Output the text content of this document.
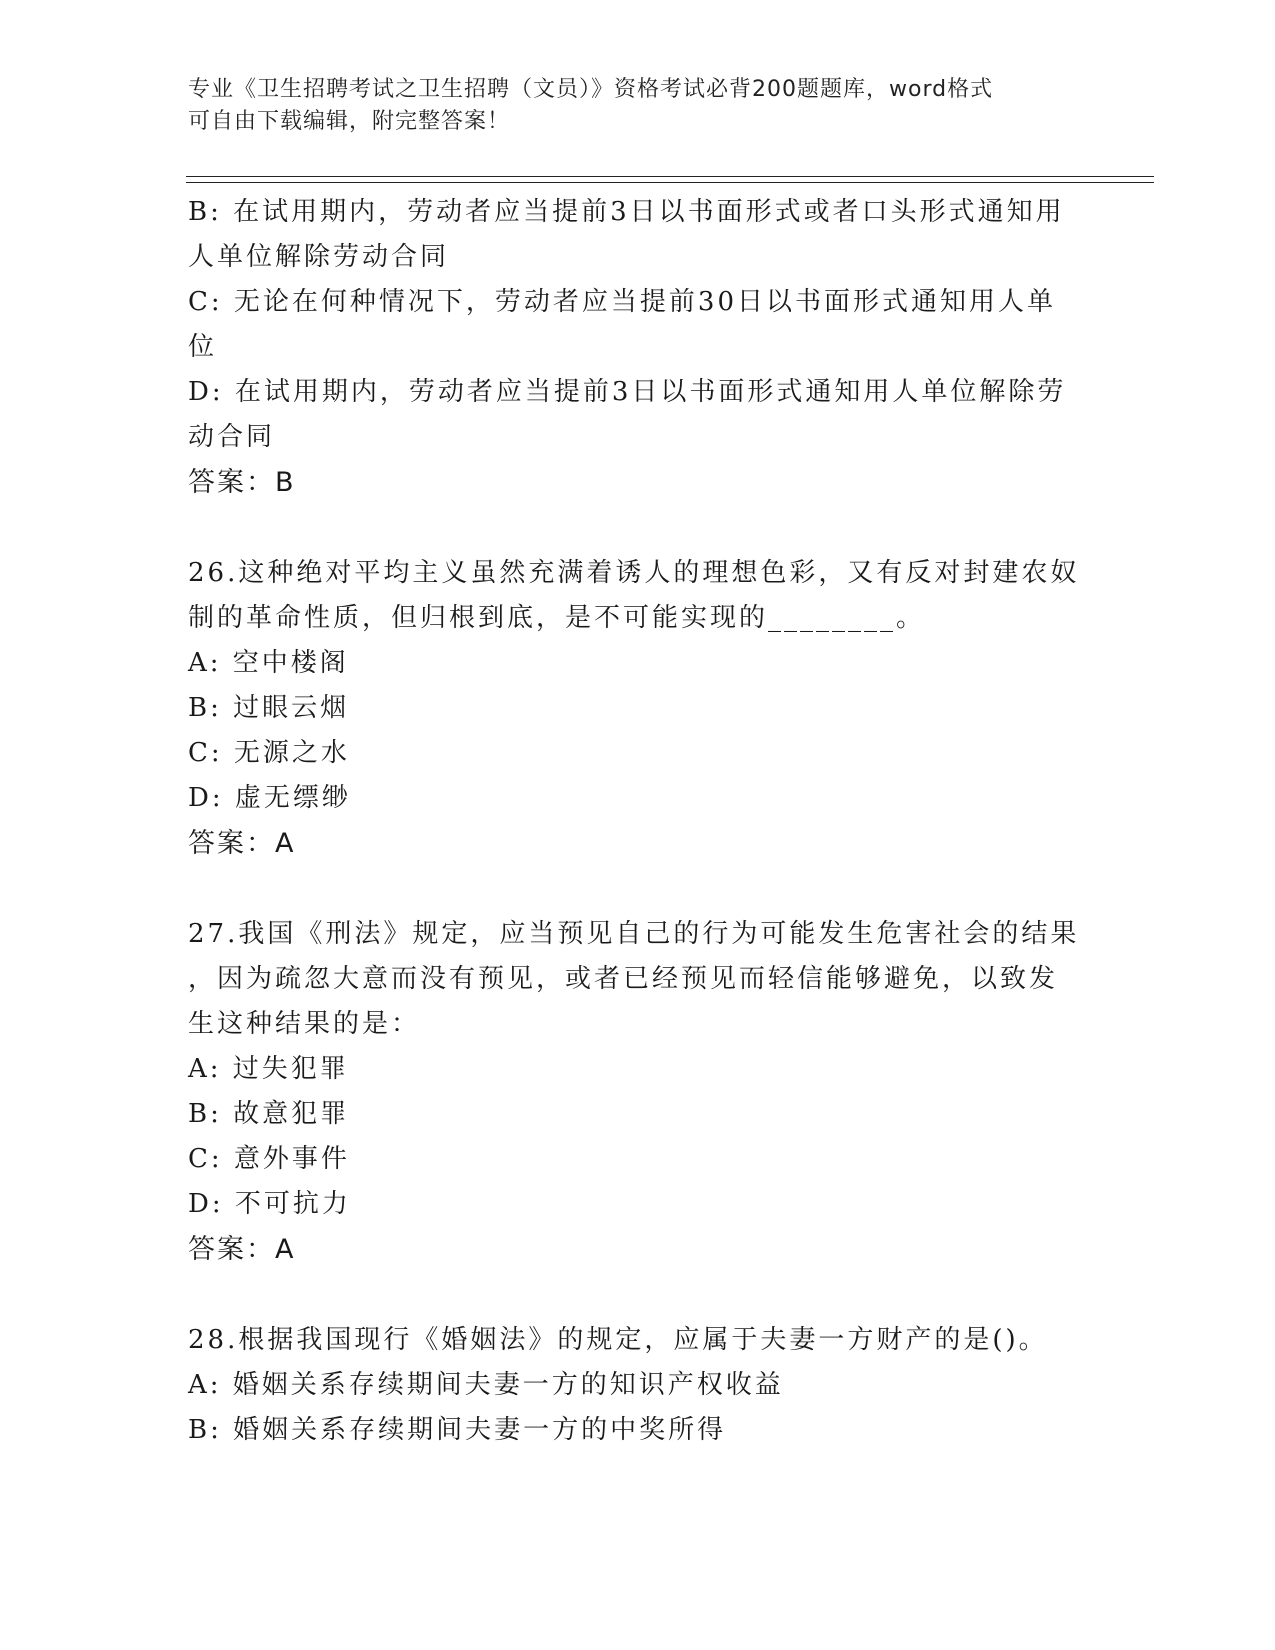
专业《卫生招聘考试之卫生招聘（文员）》资格考试必背200题题库，word格式
可自由下载编辑，附完整答案！

B: 在试用期内，劳动者应当提前3日以书面形式或者口头形式通知用

人单位解除劳动合同

C: 无论在何种情况下，劳动者应当提前30日以书面形式通知用人单

位

D: 在试用期内，劳动者应当提前3日以书面形式通知用人单位解除劳

动合同

答案：B

26.这种绝对平均主义虽然充满着诱人的理想色彩，又有反对封建农奴

制的革命性质，但归根到底，是不可能实现的________。

A: 空中楼阁

B: 过眼云烟

C: 无源之水

D: 虚无缥缈

答案：A

27.我国《刑法》规定，应当预见自己的行为可能发生危害社会的结果

，因为疏忽大意而没有预见，或者已经预见而轻信能够避免，以致发

生这种结果的是：

A: 过失犯罪

B: 故意犯罪

C: 意外事件

D: 不可抗力

答案：A

28.根据我国现行《婚姻法》的规定，应属于夫妻一方财产的是()。

A: 婚姻关系存续期间夫妻一方的知识产权收益

B: 婚姻关系存续期间夫妻一方的中奖所得
